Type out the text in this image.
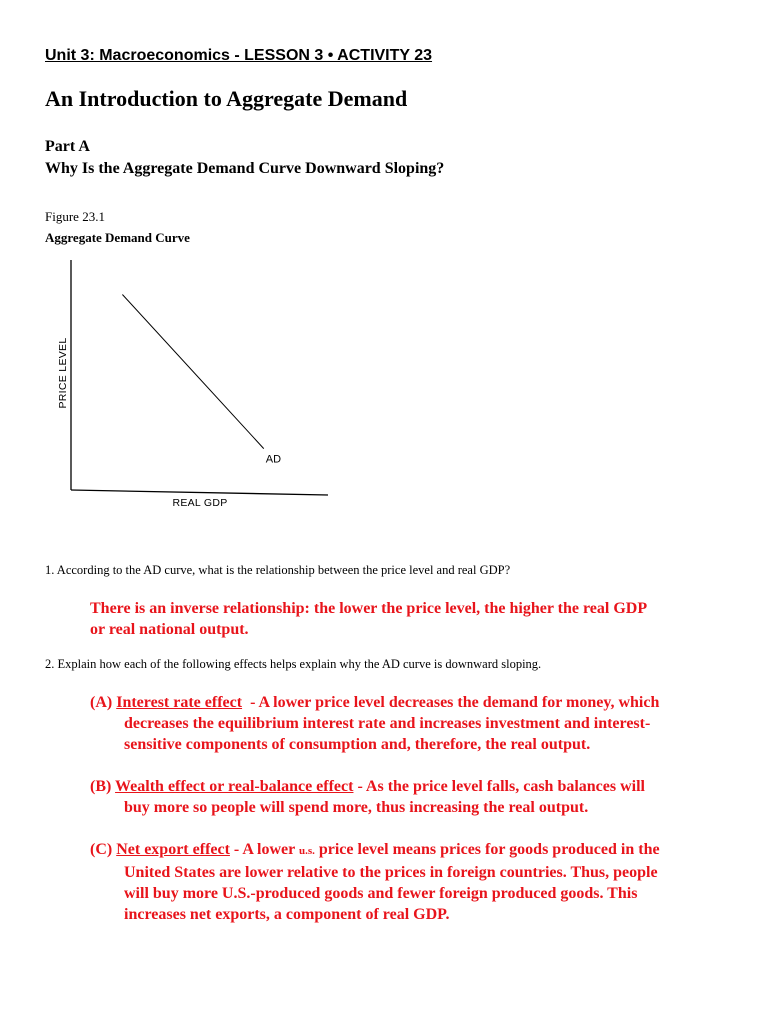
Unit 3: Macroeconomics - LESSON 3 • ACTIVITY 23
An Introduction to Aggregate Demand
Part A
Why Is the Aggregate Demand Curve Downward Sloping?
Figure 23.1
Aggregate Demand Curve
AD
PRICE LEVEL
REAL GDP
1. According to the AD curve, what is the relationship between the price level and real GDP?
There is an inverse relationship: the lower the price level, the higher the real GDP
or real national output.
2. Explain how each of the following effects helps explain why the AD curve is downward sloping.
(A) Interest rate effect  - A lower price level decreases the demand for money, which
decreases the equilibrium interest rate and increases investment and interest-
sensitive components of consumption and, therefore, the real output.
(B) Wealth effect or real-balance effect - As the price level falls, cash balances will
buy more so people will spend more, thus increasing the real output.
(C) Net export effect - A lower u.s. price level means prices for goods produced in the
United States are lower relative to the prices in foreign countries. Thus, people
will buy more U.S.-produced goods and fewer foreign produced goods. This
increases net exports, a component of real GDP.
